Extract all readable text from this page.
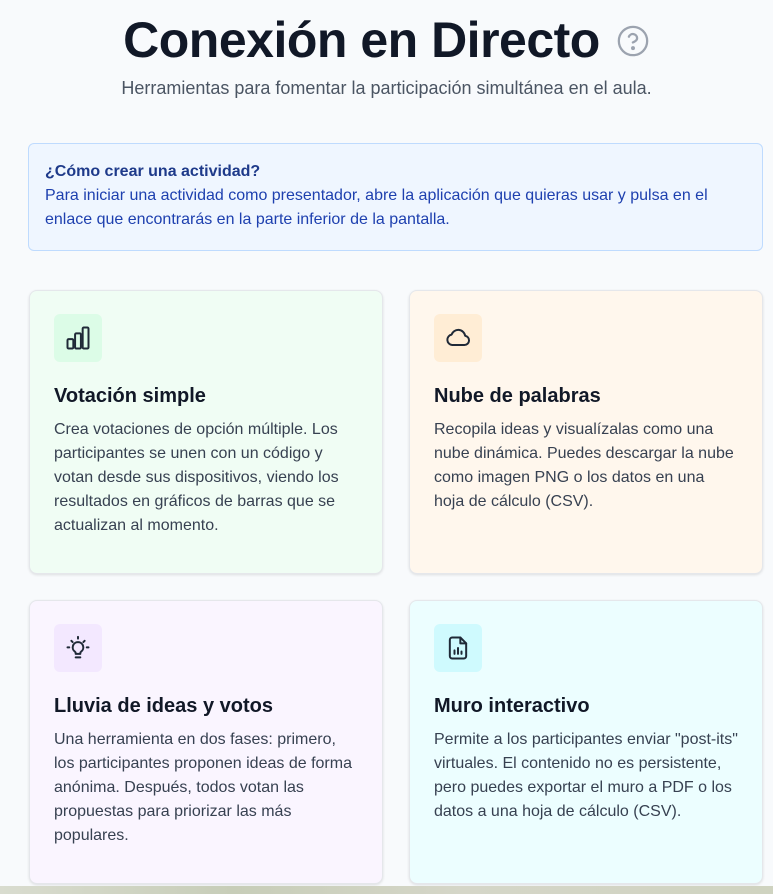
Conexión en Directo

Herramientas para fomentar la participación simultánea en el aula.

¿Cómo crear una actividad?

Para iniciar una actividad como presentador, abre la aplicación que quieras usar y pulsa en el enlace que encontrarás en la parte inferior de la pantalla.

Votación simple

Crea votaciones de opción múltiple. Los participantes se unen con un código y votan desde sus dispositivos, viendo los resultados en gráficos de barras que se actualizan al momento.

Nube de palabras

Recopila ideas y visualízalas como una nube dinámica. Puedes descargar la nube como imagen PNG o los datos en una hoja de cálculo (CSV).

Lluvia de ideas y votos

Una herramienta en dos fases: primero, los participantes proponen ideas de forma anónima. Después, todos votan las propuestas para priorizar las más populares.

Muro interactivo

Permite a los participantes enviar "post-its" virtuales. El contenido no es persistente, pero puedes exportar el muro a PDF o los datos a una hoja de cálculo (CSV).
